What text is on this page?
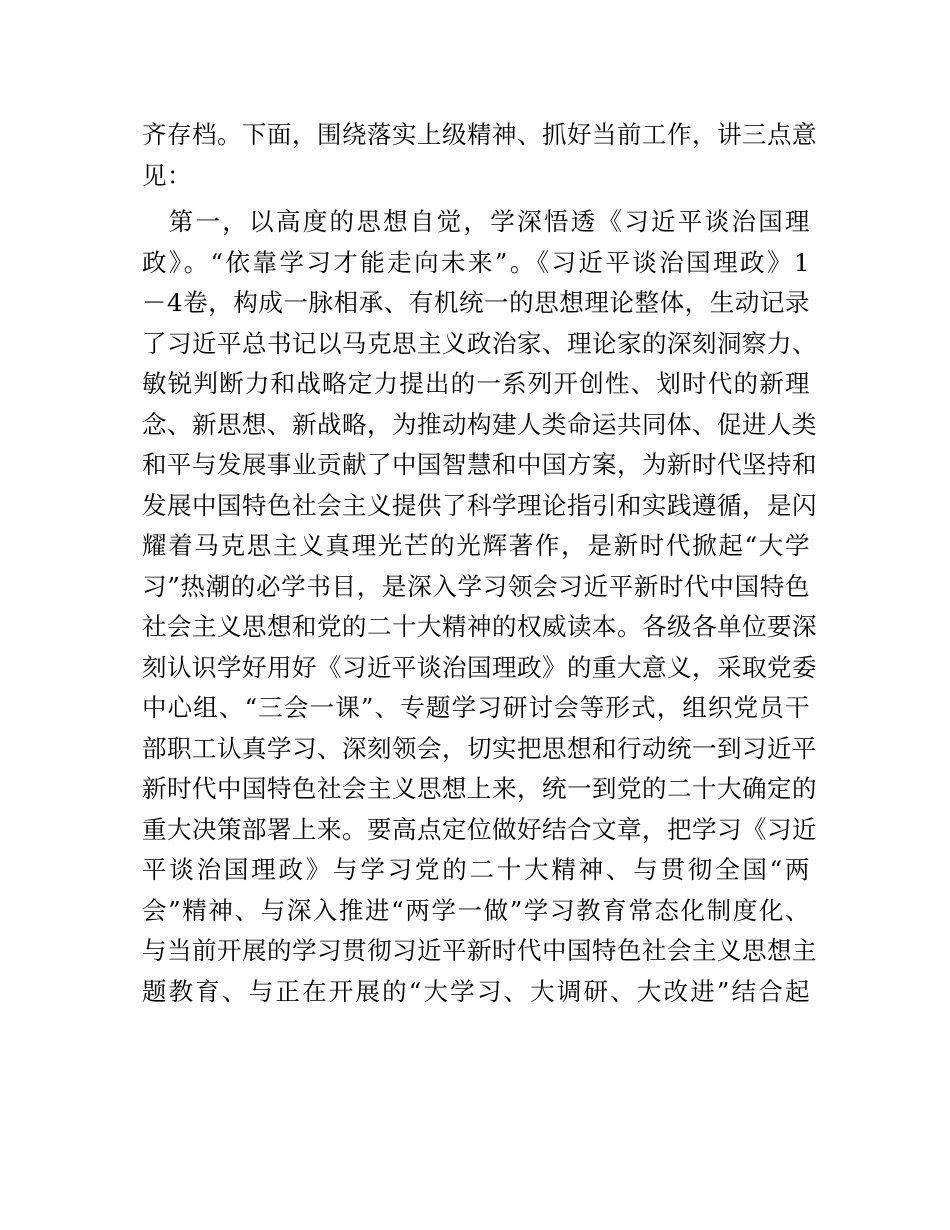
齐存档。下面，围绕落实上级精神、抓好当前工作，讲三点意
见：
　第一，以高度的思想自觉，学深悟透《习近平谈治国理
政》。“依靠学习才能走向未来”。《习近平谈治国理政》1
－4卷，构成一脉相承、有机统一的思想理论整体，生动记录
了习近平总书记以马克思主义政治家、理论家的深刻洞察力、
敏锐判断力和战略定力提出的一系列开创性、划时代的新理
念、新思想、新战略，为推动构建人类命运共同体、促进人类
和平与发展事业贡献了中国智慧和中国方案，为新时代坚持和
发展中国特色社会主义提供了科学理论指引和实践遵循，是闪
耀着马克思主义真理光芒的光辉著作，是新时代掀起“大学
习”热潮的必学书目，是深入学习领会习近平新时代中国特色
社会主义思想和党的二十大精神的权威读本。各级各单位要深
刻认识学好用好《习近平谈治国理政》的重大意义，采取党委
中心组、“三会一课”、专题学习研讨会等形式，组织党员干
部职工认真学习、深刻领会，切实把思想和行动统一到习近平
新时代中国特色社会主义思想上来，统一到党的二十大确定的
重大决策部署上来。要高点定位做好结合文章，把学习《习近
平谈治国理政》与学习党的二十大精神、与贯彻全国“两
会”精神、与深入推进“两学一做”学习教育常态化制度化、
与当前开展的学习贯彻习近平新时代中国特色社会主义思想主
题教育、与正在开展的“大学习、大调研、大改进”结合起
